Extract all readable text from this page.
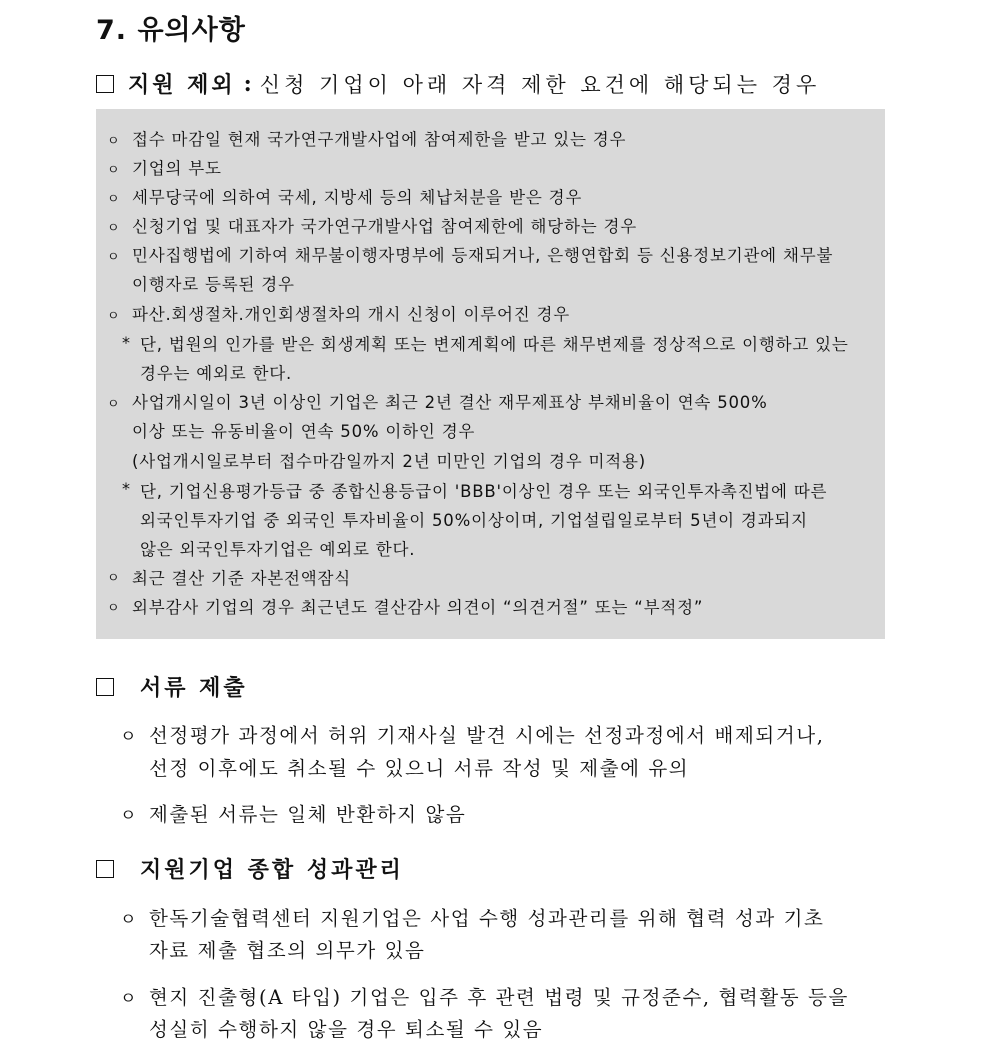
7. 유의사항
지원 제외 : 신청 기업이 아래 자격 제한 요건에 해당되는 경우
ㅇ
ㅇ
ㅇ
ㅇ
ㅇ
ㅇ
*
ㅇ
*
ㅇ
ㅇ
접수 마감일 현재 국가연구개발사업에 참여제한을 받고 있는 경우
기업의 부도
세무당국에 의하여 국세, 지방세 등의 체납처분을 받은 경우
신청기업 및 대표자가 국가연구개발사업 참여제한에 해당하는 경우
민사집행법에 기하여 채무불이행자명부에 등재되거나, 은행연합회 등 신용정보기관에 채무불
이행자로 등록된 경우
파산.회생절차.개인회생절차의 개시 신청이 이루어진 경우
단, 법원의 인가를 받은 회생계획 또는 변제계획에 따른 채무변제를 정상적으로 이행하고 있는
경우는 예외로 한다.
사업개시일이 3년 이상인 기업은 최근 2년 결산 재무제표상 부채비율이 연속 500%
이상 또는 유동비율이 연속 50% 이하인 경우
(사업개시일로부터 접수마감일까지 2년 미만인 기업의 경우 미적용)
단, 기업신용평가등급 중 종합신용등급이 'BBB'이상인 경우 또는 외국인투자촉진법에 따른
외국인투자기업 중 외국인 투자비율이 50%이상이며, 기업설립일로부터 5년이 경과되지
않은 외국인투자기업은 예외로 한다.
최근 결산 기준 자본전액잠식
외부감사 기업의 경우 최근년도 결산감사 의견이 “의견거절” 또는 “부적정”
서류 제출
ㅇ 선정평가 과정에서 허위 기재사실 발견 시에는 선정과정에서 배제되거나,
선정 이후에도 취소될 수 있으니 서류 작성 및 제출에 유의
ㅇ 제출된 서류는 일체 반환하지 않음
지원기업 종합 성과관리
ㅇ 한독기술협력센터 지원기업은 사업 수행 성과관리를 위해 협력 성과 기초
자료 제출 협조의 의무가 있음
ㅇ 현지 진출형(A 타입) 기업은 입주 후 관련 법령 및 규정준수, 협력활동 등을
성실히 수행하지 않을 경우 퇴소될 수 있음
